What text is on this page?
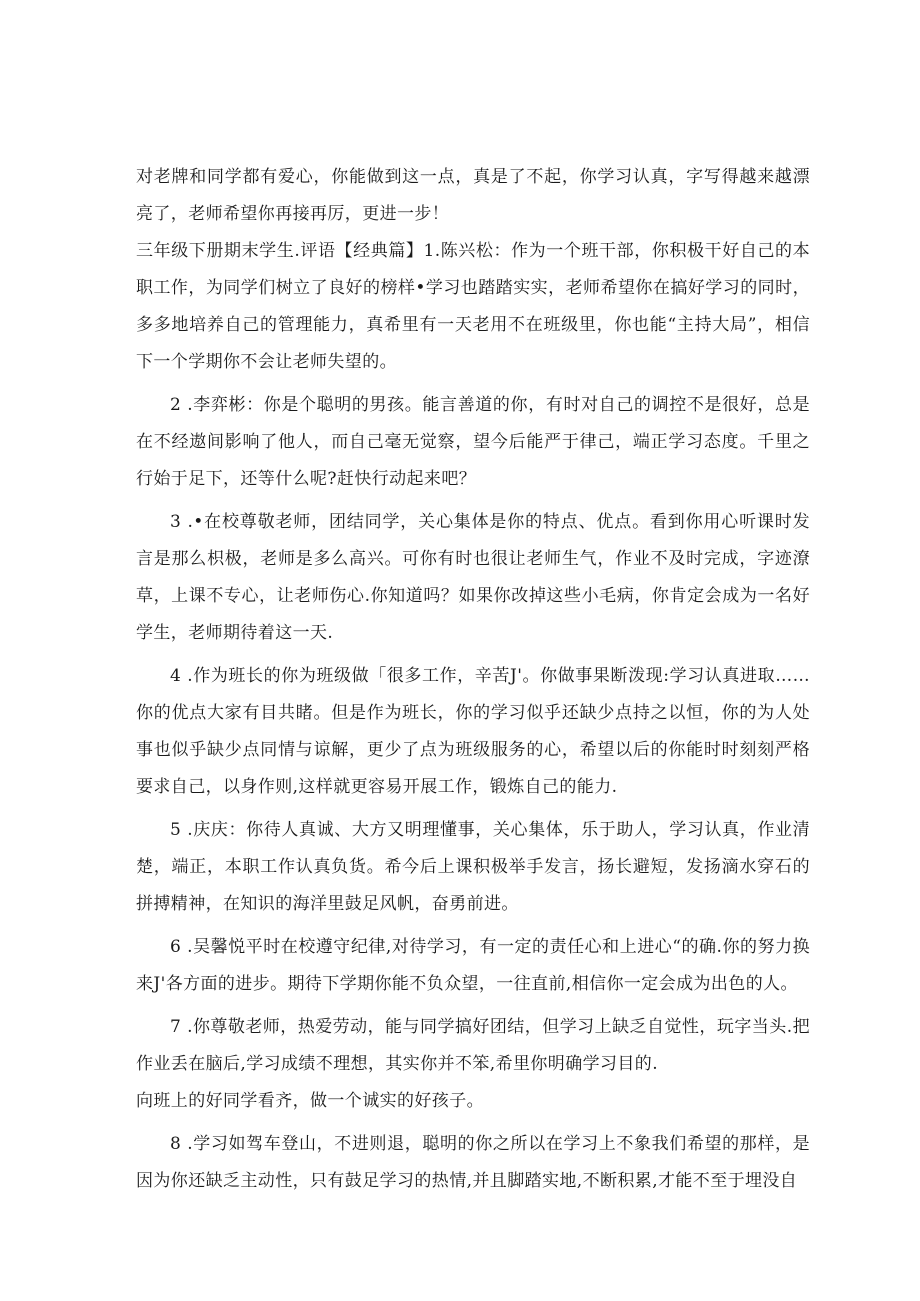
对老牌和同学都有爱心，你能做到这一点，真是了不起，你学习认真，字写得越来越漂亮了，老师希望你再接再厉，更进一步！

三年级下册期末学生.评语【经典篇】1.陈兴松：作为一个班干部，你积极干好自己的本职工作，为同学们树立了良好的榜样•学习也踏踏实实，老师希望你在搞好学习的同时，多多地培养自己的管理能力，真希里有一天老用不在班级里，你也能“主持大局”，相信下一个学期你不会让老师失望的。

2 .李弈彬：你是个聪明的男孩。能言善道的你，有时对自己的调控不是很好，总是在不经遨间影响了他人，而自己毫无觉察，望今后能严于律己，端正学习态度。千里之行始于足下，还等什么呢?赶快行动起来吧？

3 .•在校尊敬老师，团结同学，关心集体是你的特点、优点。看到你用心听课时发言是那么枳极，老师是多么高兴。可你有时也很让老师生气，作业不及时完成，字迹潦草，上课不专心，让老师伤心.你知道吗？如果你改掉这些小毛病，你肯定会成为一名好学生，老师期待着这一天.

4 .作为班长的你为班级做「很多工作，辛苦J'。你做事果断泼现:学习认真进取……你的优点大家有目共睹。但是作为班长，你的学习似乎还缺少点持之以恒，你的为人处事也似乎缺少点同情与谅解，更少了点为班级服务的心，希望以后的你能时时刻刻严格要求自己，以身作则,这样就更容易开展工作，锻炼自己的能力.

5 .庆庆：你待人真诚、大方又明理懂事，关心集体，乐于助人，学习认真，作业清楚，端正，本职工作认真负货。希今后上课积极举手发言，扬长避短，发扬滴水穿石的拼搏精神，在知识的海洋里鼓足风帆，奋勇前进。

6 .吴馨悦平时在校遵守纪律,对待学习，有一定的责任心和上进心“的确.你的努力换来J'各方面的进步。期待下学期你能不负众望，一往直前,相信你一定会成为出色的人。

7 .你尊敬老师，热爱劳动，能与同学搞好团结，但学习上缺乏自觉性，玩字当头.把作业丢在脑后,学习成绩不理想，其实你并不笨,希里你明确学习目的.

向班上的好同学看齐，做一个诚实的好孩子。

8 .学习如驾车登山，不进则退，聪明的你之所以在学习上不象我们希望的那样，是因为你还缺乏主动性，只有鼓足学习的热情,并且脚踏实地,不断积累,才能不至于埋没自
